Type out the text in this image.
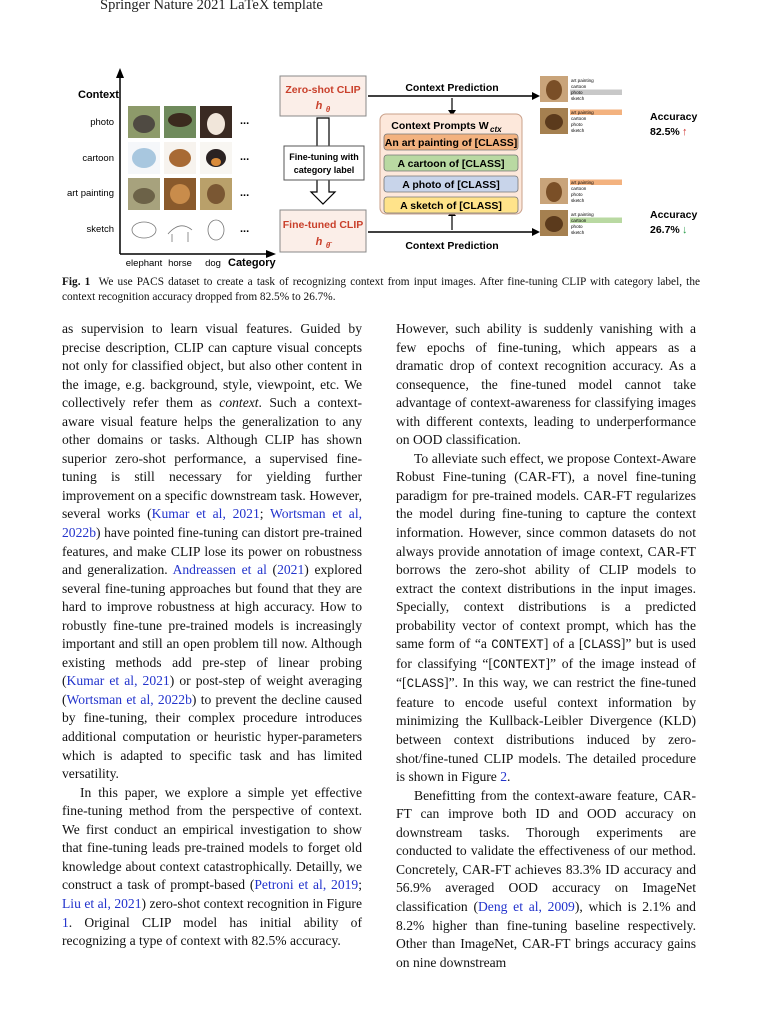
Springer Nature 2021 LaTeX template
Context
Category
photo
cartoon
art painting
sketch
elephant horse dog
...
...
...
...
Zero-shot CLIP
h θ
Fine-tuning with
category label
Fine-tuned CLIP
h θ̄
Context Prediction
Context Prediction
Context Prompts W ctx
An art painting of [CLASS]
A cartoon of [CLASS]
A photo of [CLASS]
A sketch of [CLASS]
art painting
cartoon
photo
sketch
art painting
cartoon
photo
sketch
Accuracy
82.5% ↑
art painting
cartoon
photo
sketch
art painting
cartoon
photo
sketch
Accuracy
26.7% ↓
Fig. 1 We use PACS dataset to create a task of recognizing context from input images. After fine-tuning CLIP with category label, the context recognition accuracy dropped from 82.5% to 26.7%.

as supervision to learn visual features. Guided by precise description, CLIP can capture visual concepts not only for classified object, but also other content in the image, e.g. background, style, viewpoint, etc. We collectively refer them as context. Such a context-aware visual feature helps the generalization to any other domains or tasks. Although CLIP has shown superior zero-shot performance, a supervised fine-tuning is still necessary for yielding further improvement on a specific downstream task. However, several works (Kumar et al, 2021; Wortsman et al, 2022b) have pointed fine-tuning can distort pre-trained features, and make CLIP lose its power on robustness and generalization. Andreassen et al (2021) explored several fine-tuning approaches but found that they are hard to improve robustness at high accuracy. How to robustly fine-tune pre-trained models is increasingly important and still an open problem till now. Although existing methods add pre-step of linear probing (Kumar et al, 2021) or post-step of weight averaging (Wortsman et al, 2022b) to prevent the decline caused by fine-tuning, their complex procedure introduces additional computation or heuristic hyper-parameters which is adapted to specific task and has limited versatility.

In this paper, we explore a simple yet effective fine-tuning method from the perspective of context. We first conduct an empirical investigation to show that fine-tuning leads pre-trained models to forget old knowledge about context catastrophically. Detailly, we construct a task of prompt-based (Petroni et al, 2019; Liu et al, 2021) zero-shot context recognition in Figure 1. Original CLIP model has initial ability of recognizing a type of context with 82.5% accuracy.

However, such ability is suddenly vanishing with a few epochs of fine-tuning, which appears as a dramatic drop of context recognition accuracy. As a consequence, the fine-tuned model cannot take advantage of context-awareness for classifying images with different contexts, leading to underperformance on OOD classification.

To alleviate such effect, we propose Context-Aware Robust Fine-tuning (CAR-FT), a novel fine-tuning paradigm for pre-trained models. CAR-FT regularizes the model during fine-tuning to capture the context information. However, since common datasets do not always provide annotation of image context, CAR-FT borrows the zero-shot ability of CLIP models to extract the context distributions in the input images. Specially, context distributions is a predicted probability vector of context prompt, which has the same form of “a CONTEXT] of a [CLASS]” but is used for classifying “[CONTEXT]” of the image instead of “[CLASS]”. In this way, we can restrict the fine-tuned feature to encode useful context information by minimizing the Kullback-Leibler Divergence (KLD) between context distributions induced by zero-shot/fine-tuned CLIP models. The detailed procedure is shown in Figure 2.

Benefitting from the context-aware feature, CAR-FT can improve both ID and OOD accuracy on downstream tasks. Thorough experiments are conducted to validate the effectiveness of our method. Concretely, CAR-FT achieves 83.3% ID accuracy and 56.9% averaged OOD accuracy on ImageNet classification (Deng et al, 2009), which is 2.1% and 8.2% higher than fine-tuning baseline respectively. Other than ImageNet, CAR-FT brings accuracy gains on nine downstream
